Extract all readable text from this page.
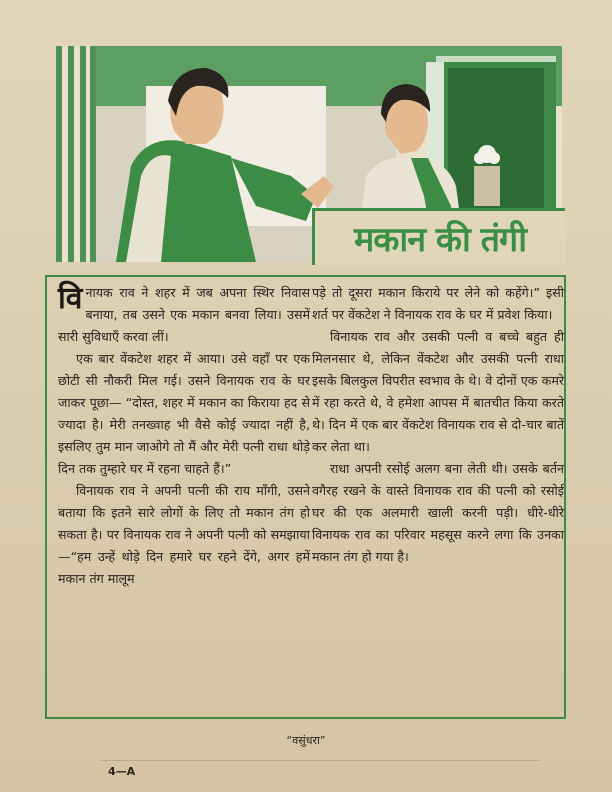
मकान की तंगी

विनायक राव ने शहर में जब अपना स्थिर निवास बनाया, तब उसने एक मकान बनवा लिया। उसमें सारी सुविधाएँ करवा लीं।

एक बार वेंकटेश शहर में आया। उसे वहाँ पर एक छोटी सी नौकरी मिल गई। उसने विनायक राव के घर जाकर पूछा— “दोस्त, शहर में मकान का किराया हद से ज्यादा है। मेरी तनख्वाह भी वैसे कोई ज्यादा नहीं है, इसलिए तुम मान जाओगे तो मैं और मेरी पत्नी राधा थोड़े दिन तक तुम्हारे घर में रहना चाहते हैं।”

विनायक राव ने अपनी पत्नी की राय माँगी, उसने बताया कि इतने सारे लोगों के लिए तो मकान तंग हो सकता है। पर विनायक राव ने अपनी पत्नी को समझाया—“हम उन्हें थोड़े दिन हमारे घर रहने देंगे, अगर हमें मकान तंग मालूम

पड़े तो दूसरा मकान किराये पर लेने को कहेंगे।” इसी शर्त पर वेंकटेश ने विनायक राव के घर में प्रवेश किया।

विनायक राव और उसकी पत्नी व बच्चे बहुत ही मिलनसार थे, लेकिन वेंकटेश और उसकी पत्नी राधा इसके बिलकुल विपरीत स्वभाव के थे। वे दोनों एक कमरे में रहा करते थे, वे हमेशा आपस में बातचीत किया करते थे। दिन में एक बार वेंकटेश विनायक राव से दो-चार बातें कर लेता था।

राधा अपनी रसोई अलग बना लेती थी। उसके बर्तन वगैरह रखने के वास्ते विनायक राव की पत्नी को रसोई घर की एक अलमारी खाली करनी पड़ी। धीरे-धीरे विनायक राव का परिवार महसूस करने लगा कि उनका मकान तंग हो गया है।

“वसुंधरा”
4—A
